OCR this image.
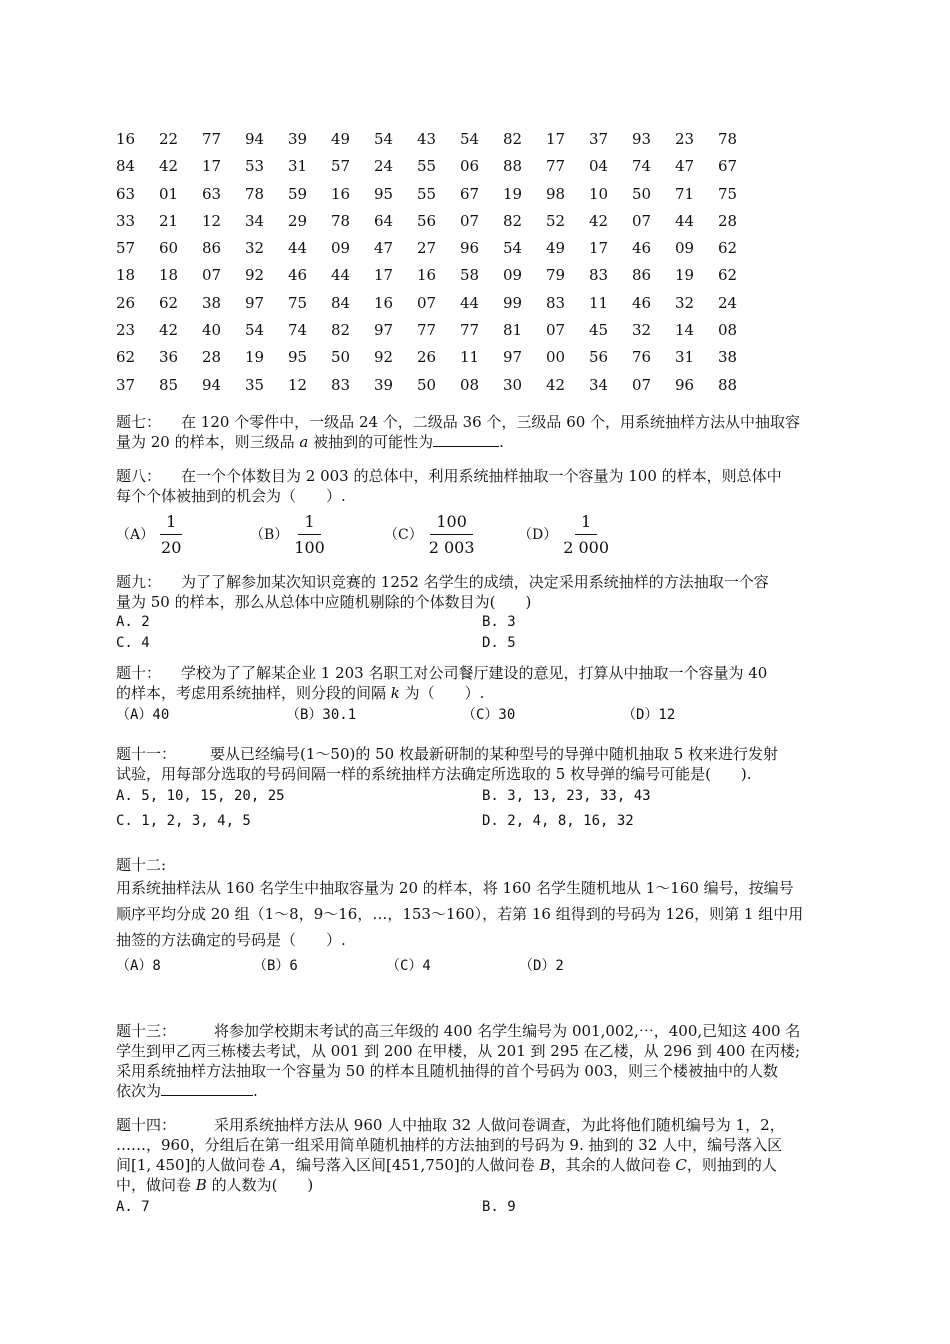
16	22	77	94	39	49	54	43	54	82	17	37	93	23	78
84	42	17	53	31	57	24	55	06	88	77	04	74	47	67
63	01	63	78	59	16	95	55	67	19	98	10	50	71	75
33	21	12	34	29	78	64	56	07	82	52	42	07	44	28
57	60	86	32	44	09	47	27	96	54	49	17	46	09	62
18	18	07	92	46	44	17	16	58	09	79	83	86	19	62
26	62	38	97	75	84	16	07	44	99	83	11	46	32	24
23	42	40	54	74	82	97	77	77	81	07	45	32	14	08
62	36	28	19	95	50	92	26	11	97	00	56	76	31	38
37	85	94	35	12	83	39	50	08	30	42	34	07	96	88
题七： 在 120 个零件中，一级品 24 个，二级品 36 个，三级品 60 个，用系统抽样方法从中抽取容
量为 20 的样本，则三级品 a 被抽到的可能性为	.
题八： 在一个个体数目为 2 003 的总体中，利用系统抽样抽取一个容量为 100 的样本，则总体中
每个个体被抽到的机会为（　　）.
$(A) \frac{1}{20}$	$(B) \frac{1}{100}$	$(C) \frac{100}{2 003}$	$(D) \frac{1}{2 000}$
题九： 为了了解参加某次知识竞赛的 1252 名学生的成绩，决定采用系统抽样的方法抽取一个容
量为 50 的样本，那么从总体中应随机剔除的个体数目为(　　)
A. 2	B. 3
C. 4	D. 5
题十： 学校为了了解某企业 1 203 名职工对公司餐厅建设的意见，打算从中抽取一个容量为 40
的样本，考虑用系统抽样，则分段的间隔 k 为（　　）.
（A）40	（B）30.1	（C）30	（D）12
题十一： 要从已经编号(1～50)的 50 枚最新研制的某种型号的导弹中随机抽取 5 枚来进行发射
试验，用每部分选取的号码间隔一样的系统抽样方法确定所选取的 5 枚导弹的编号可能是(　　).
A. 5, 10, 15, 20, 25	B. 3, 13, 23, 33, 43
C. 1, 2, 3, 4, 5	D. 2, 4, 8, 16, 32
题十二:
用系统抽样法从 160 名学生中抽取容量为 20 的样本，将 160 名学生随机地从 1～160 编号，按编号
顺序平均分成 20 组（1～8，9～16，…，153～160），若第 16 组得到的号码为 126，则第 1 组中用
抽签的方法确定的号码是（　　）.
（A）8	（B）6	（C）4	（D）2
题十三：	将参加学校期末考试的高三年级的 400 名学生编号为 001,002,⋯，400,已知这 400 名
学生到甲乙丙三栋楼去考试，从 001 到 200 在甲楼，从 201 到 295 在乙楼，从 296 到 400 在丙楼;
采用系统抽样方法抽取一个容量为 50 的样本且随机抽得的首个号码为 003，则三个楼被抽中的人数
依次为	.
题十四：	采用系统抽样方法从 960 人中抽取 32 人做问卷调查，为此将他们随机编号为 1，2，
……，960，分组后在第一组采用简单随机抽样的方法抽到的号码为 9. 抽到的 32 人中，编号落入区
间[1, 450]的人做问卷 A，编号落入区间[451,750]的人做问卷 B，其余的人做问卷 C，则抽到的人
中，做问卷 B 的人数为(　　)
A. 7	B. 9
